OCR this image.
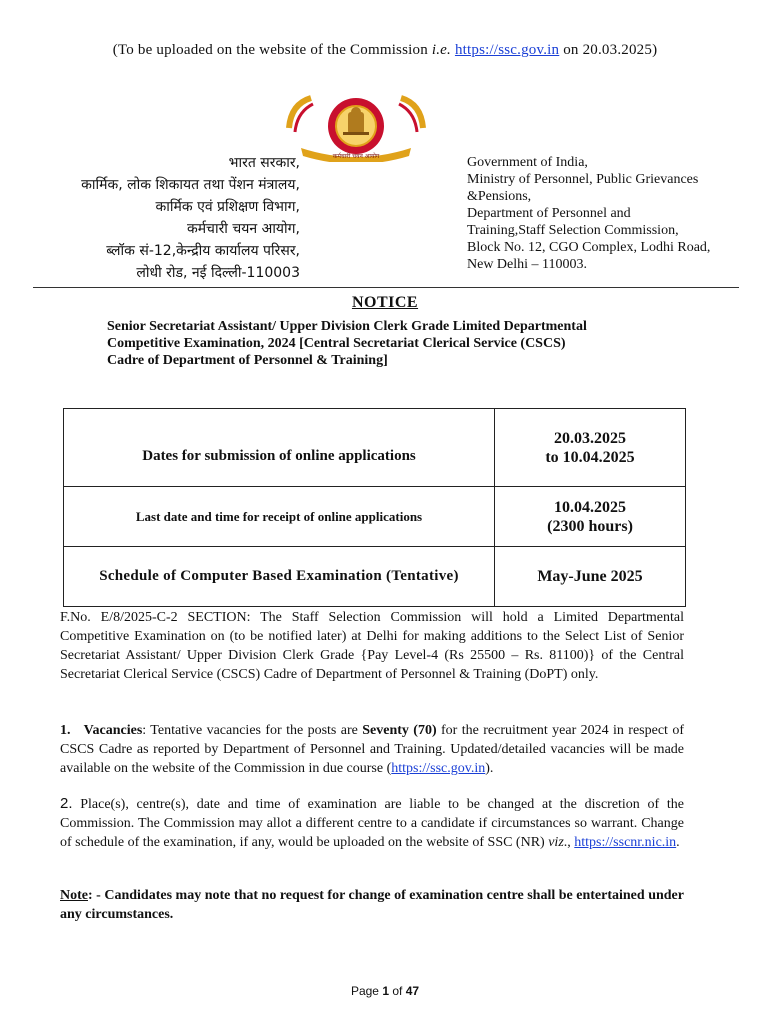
(To be uploaded on the website of the Commission i.e. https://ssc.gov.in on 20.03.2025)
कर्मचारी चयन आयोग
भारत सरकार,
कार्मिक, लोक शिकायत तथा पेंशन मंत्रालय,
कार्मिक एवं प्रशिक्षण विभाग,
कर्मचारी चयन आयोग,
ब्लॉक सं-12,केन्द्रीय कार्यालय परिसर,
लोधी रोड, नई दिल्ली-110003
Government of India,
Ministry of Personnel, Public Grievances
&Pensions,
Department of Personnel and
Training,Staff Selection Commission,
Block No. 12, CGO Complex, Lodhi Road,
New Delhi – 110003.
NOTICE
Senior Secretariat Assistant/ Upper Division Clerk Grade Limited Departmental
Competitive Examination, 2024 [Central Secretariat Clerical Service (CSCS)
Cadre of Department of Personnel & Training]
Dates for submission of online applications	20.03.2025
to 10.04.2025

Last date and time for receipt of online applications	10.04.2025
(2300 hours)

Schedule of Computer Based Examination (Tentative)	May-June 2025
F.No. E/8/2025-C-2 SECTION: The Staff Selection Commission will hold a Limited Departmental Competitive Examination on (to be notified later) at Delhi for making additions to the Select List of Senior Secretariat Assistant/ Upper Division Clerk Grade {Pay Level-4 (Rs 25500 – Rs. 81100)} of the Central Secretariat Clerical Service (CSCS) Cadre of Department of Personnel & Training (DoPT) only.
1. Vacancies: Tentative vacancies for the posts are Seventy (70) for the recruitment year 2024 in respect of CSCS Cadre as reported by Department of Personnel and Training. Updated/detailed vacancies will be made available on the website of the Commission in due course (https://ssc.gov.in).
2. Place(s), centre(s), date and time of examination are liable to be changed at the discretion of the Commission. The Commission may allot a different centre to a candidate if circumstances so warrant. Change of schedule of the examination, if any, would be uploaded on the website of SSC (NR) viz., https://sscnr.nic.in.
Note: - Candidates may note that no request for change of examination centre shall be entertained under any circumstances.
Page 1 of 47
